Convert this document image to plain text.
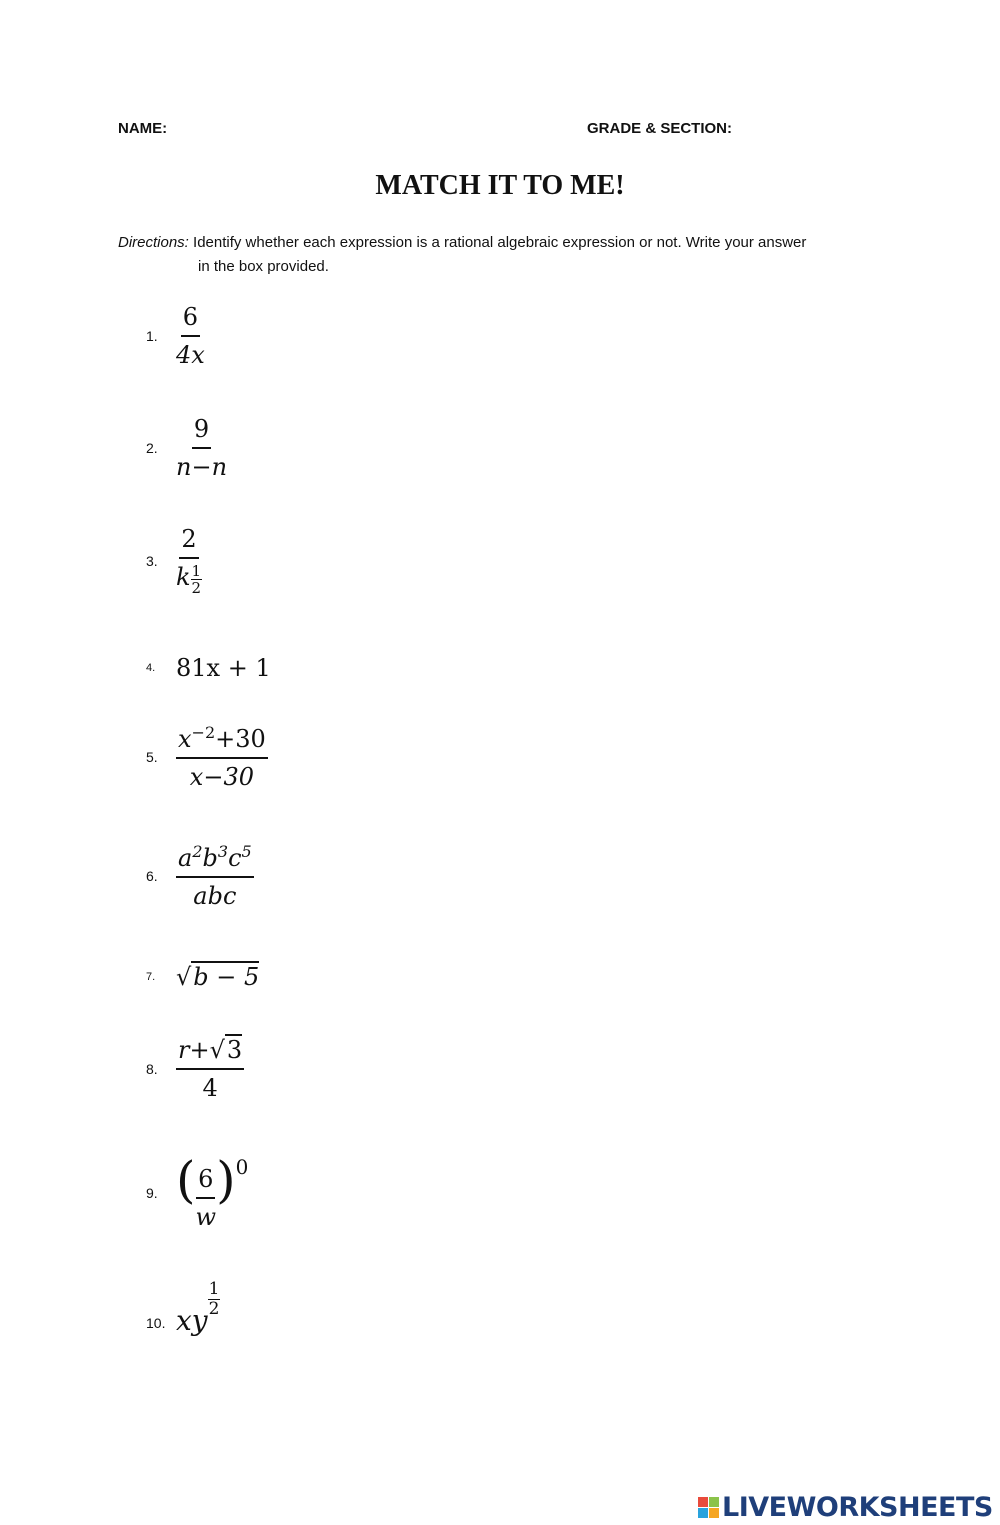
NAME:	GRADE & SECTION:
MATCH IT TO ME!
Directions: Identify whether each expression is a rational algebraic expression or not. Write your answer
in the box provided.
1. $\frac{6}{4x}$
2. $\frac{9}{n-n}$
3. $\frac{2}{k \frac{1}{2}}$
4. 81x + 1
5. $\frac{x^{-2}+30}{x-30}$
6. $\frac{a^2b^3c^5}{\text{abc}}$
7. √b − 5
8. $\frac{r+√3}{4}$
9. ( $\frac{6}{w}$ ) 0
10. xy
$\frac{1}{2}$
LIVEWORKSHEETS
